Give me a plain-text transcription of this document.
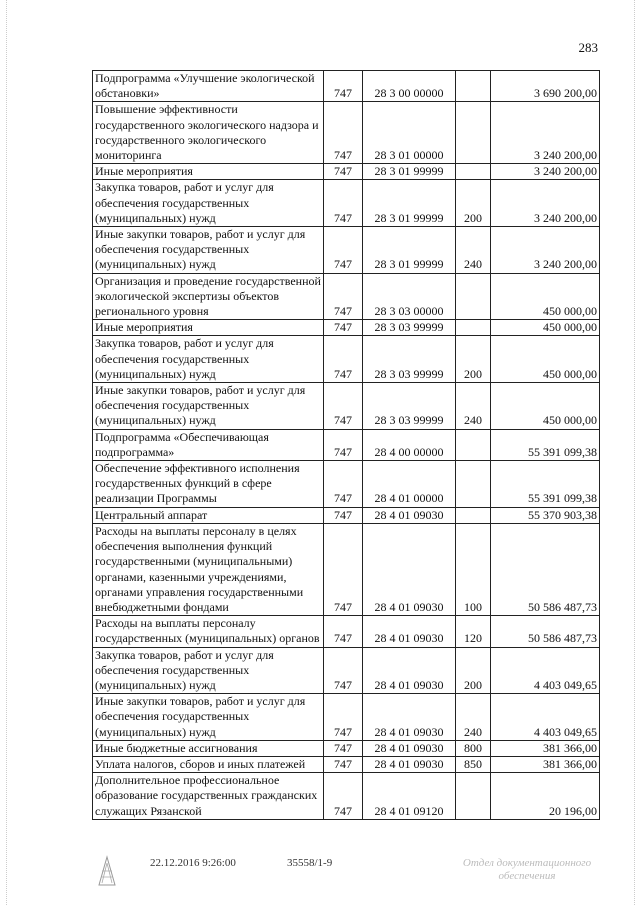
283
Подпрограмма «Улучшение экологической обстановки»	747	28 3 00 00000		3 690 200,00
Повышение эффективности государственного экологического надзора и государственного экологического мониторинга	747	28 3 01 00000		3 240 200,00
Иные мероприятия	747	28 3 01 99999		3 240 200,00
Закупка товаров, работ и услуг для обеспечения государственных (муниципальных) нужд	747	28 3 01 99999	200	3 240 200,00
Иные закупки товаров, работ и услуг для обеспечения государственных (муниципальных) нужд	747	28 3 01 99999	240	3 240 200,00
Организация и проведение государственной экологической экспертизы объектов регионального уровня	747	28 3 03 00000		450 000,00
Иные мероприятия	747	28 3 03 99999		450 000,00
Закупка товаров, работ и услуг для обеспечения государственных (муниципальных) нужд	747	28 3 03 99999	200	450 000,00
Иные закупки товаров, работ и услуг для обеспечения государственных (муниципальных) нужд	747	28 3 03 99999	240	450 000,00
Подпрограмма «Обеспечивающая подпрограмма»	747	28 4 00 00000		55 391 099,38
Обеспечение эффективного исполнения государственных функций в сфере реализации Программы	747	28 4 01 00000		55 391 099,38
Центральный аппарат	747	28 4 01 09030		55 370 903,38
Расходы на выплаты персоналу в целях обеспечения выполнения функций государственными (муниципальными) органами, казенными учреждениями, органами управления государственными внебюджетными фондами	747	28 4 01 09030	100	50 586 487,73
Расходы на выплаты персоналу государственных (муниципальных) органов	747	28 4 01 09030	120	50 586 487,73
Закупка товаров, работ и услуг для обеспечения государственных (муниципальных) нужд	747	28 4 01 09030	200	4 403 049,65
Иные закупки товаров, работ и услуг для обеспечения государственных (муниципальных) нужд	747	28 4 01 09030	240	4 403 049,65
Иные бюджетные ассигнования	747	28 4 01 09030	800	381 366,00
Уплата налогов, сборов и иных платежей	747	28 4 01 09030	850	381 366,00
Дополнительное профессиональное образование государственных гражданских служащих Рязанской	747	28 4 01 09120		20 196,00
22.12.2016 9:26:00	35558/1-9	Отдел документационного обеспечения
